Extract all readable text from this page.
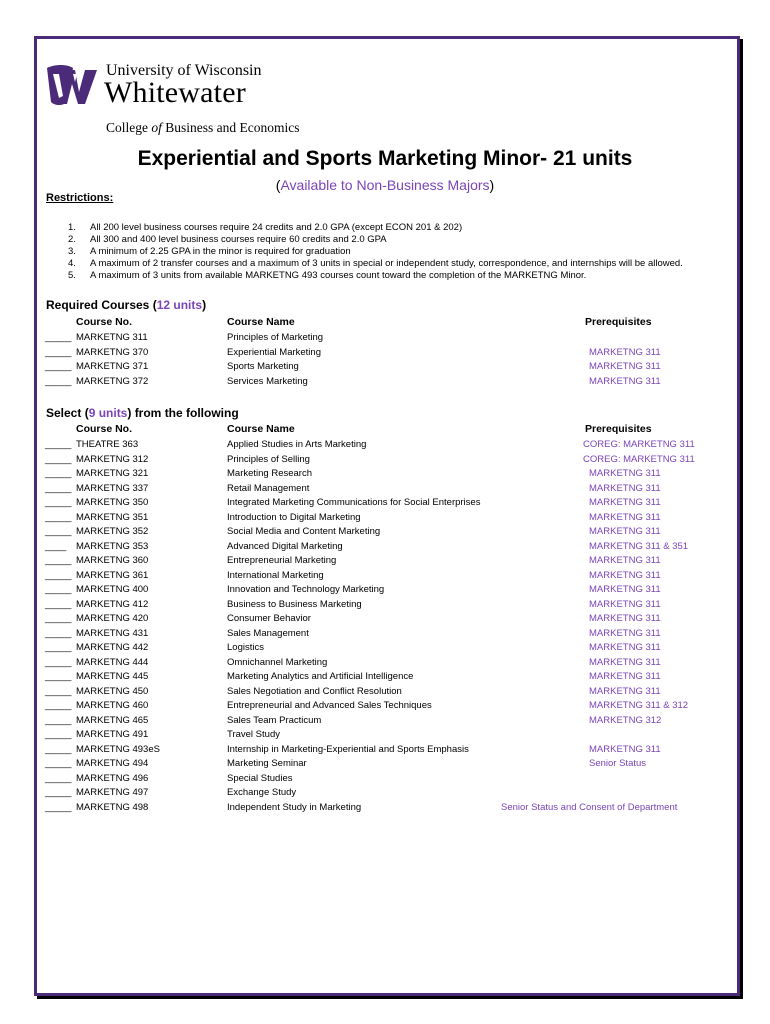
University of Wisconsin
Whitewater
College of Business and Economics
Experiential and Sports Marketing Minor- 21 units
(Available to Non-Business Majors)
Restrictions:
1. All 200 level business courses require 24 credits and 2.0 GPA (except ECON 201 & 202)
2. All 300 and 400 level business courses require 60 credits and 2.0 GPA
3. A minimum of 2.25 GPA in the minor is required for graduation
4. A maximum of 2 transfer courses and a maximum of 3 units in special or independent study, correspondence, and internships will be allowed.
5. A maximum of 3 units from available MARKETNG 493 courses count toward the completion of the MARKETNG Minor.
Required Courses (12 units)
Course No.	Course Name	Prerequisites
_____ MARKETNG 311	Principles of Marketing
_____ MARKETNG 370	Experiential Marketing	MARKETNG 311
_____ MARKETNG 371	Sports Marketing	MARKETNG 311
_____ MARKETNG 372	Services Marketing	MARKETNG 311
Select (9 units) from the following
Course No.	Course Name	Prerequisites
_____ THEATRE 363	Applied Studies in Arts Marketing	COREG: MARKETNG 311
_____ MARKETNG 312	Principles of Selling	COREG: MARKETNG 311
_____ MARKETNG 321	Marketing Research	MARKETNG 311
_____ MARKETNG 337	Retail Management	MARKETNG 311
_____ MARKETNG 350	Integrated Marketing Communications for Social Enterprises	MARKETNG 311
_____ MARKETNG 351	Introduction to Digital Marketing	MARKETNG 311
_____ MARKETNG 352	Social Media and Content Marketing	MARKETNG 311
____ MARKETNG 353	Advanced Digital Marketing	MARKETNG 311 & 351
_____ MARKETNG 360	Entrepreneurial Marketing	MARKETNG 311
_____ MARKETNG 361	International Marketing	MARKETNG 311
_____ MARKETNG 400	Innovation and Technology Marketing	MARKETNG 311
_____ MARKETNG 412	Business to Business Marketing	MARKETNG 311
_____ MARKETNG 420	Consumer Behavior	MARKETNG 311
_____ MARKETNG 431	Sales Management	MARKETNG 311
_____ MARKETNG 442	Logistics	MARKETNG 311
_____ MARKETNG 444	Omnichannel Marketing	MARKETNG 311
_____ MARKETNG 445	Marketing Analytics and Artificial Intelligence	MARKETNG 311
_____ MARKETNG 450	Sales Negotiation and Conflict Resolution	MARKETNG 311
_____ MARKETNG 460	Entrepreneurial and Advanced Sales Techniques	MARKETNG 311 & 312
_____ MARKETNG 465	Sales Team Practicum	MARKETNG 312
_____ MARKETNG 491	Travel Study
_____ MARKETNG 493eS	Internship in Marketing-Experiential and Sports Emphasis	MARKETNG 311
_____ MARKETNG 494	Marketing Seminar	Senior Status
_____ MARKETNG 496	Special Studies
_____ MARKETNG 497	Exchange Study
_____ MARKETNG 498	Independent Study in Marketing	Senior Status and Consent of Department
